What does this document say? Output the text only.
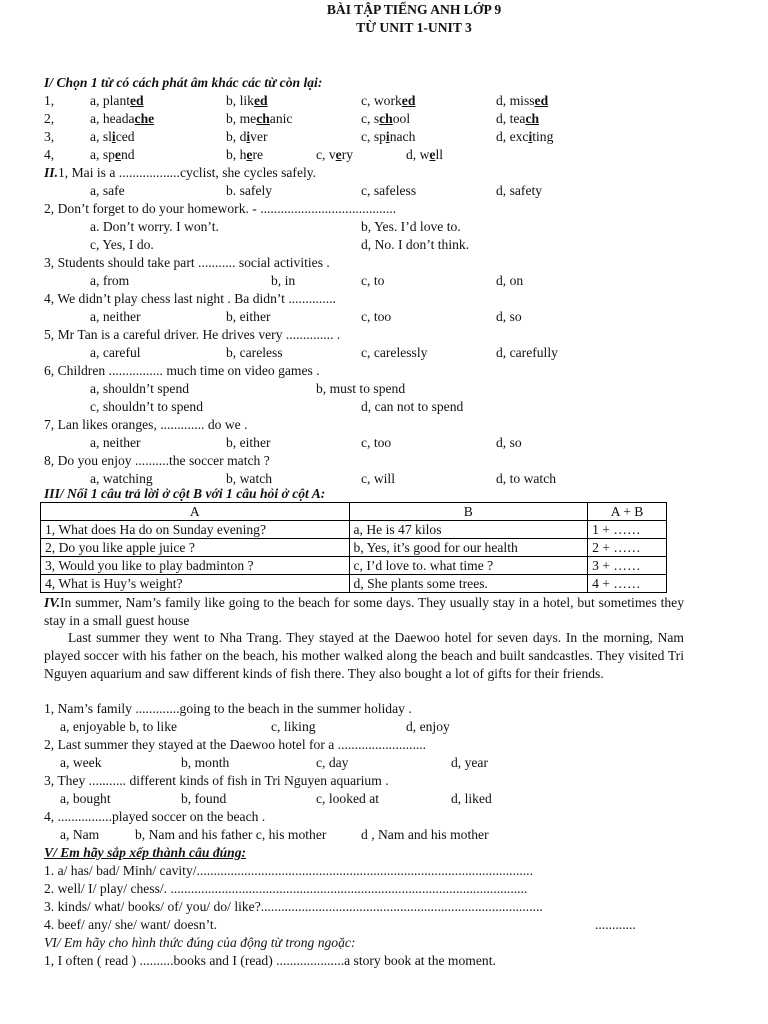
BÀI TẬP TIẾNG ANH LỚP 9
TỪ UNIT 1-UNIT 3
I/ Chọn 1 từ có cách phát âm khác các từ còn lại:
1,	a, planted	b, liked	c, worked	d, missed
2,	a, headache	b, mechanic	c, school	d, teach
3,	a, sliced	b, diver	c, spinach	d, exciting
4,	a, spend	b, here	c, very	d, well
II.1, Mai is a ..................cyclist, she cycles safely.
a, safe	b. safely	c, safeless	d, safety
2, Don’t forget to do your homework. - ........................................
a. Don’t worry. I won’t.	b, Yes. I’d love to.
c, Yes, I do.	d, No. I don’t think.
3, Students should take part ........... social activities .
a, from	b, in	c, to	d, on
4, We didn’t play chess last night . Ba didn’t ..............
a, neither	b, either	c, too	d, so
5, Mr Tan is a careful driver. He drives very .............. .
a, careful	b, careless	c, carelessly	d, carefully
6, Children ................ much time on video games .
a, shouldn’t spend	b, must to spend
c, shouldn’t to spend	d, can not to spend
7, Lan likes oranges, ............. do we .
a, neither	b, either	c, too	d, so
8, Do you enjoy ..........the soccer match ?
a, watching	b, watch	c, will	d, to watch
III/ Nối 1 câu trả lời ở cột B với 1 câu hỏi ở cột A:
A	B	A + B
1, What does Ha do on Sunday evening?	a, He is 47 kilos	1 + ……
2, Do you like apple juice ?	b, Yes, it’s good for our health	2 + ……
3, Would you like to play badminton ?	c, I’d love to. what time ?	3 + ……
4, What is Huy’s weight?	d, She plants some trees.	4 + ……
IV.In summer, Nam’s family like going to the beach for some days. They usually stay in a hotel, but sometimes they stay in a small guest house
Last summer they went to Nha Trang. They stayed at the Daewoo hotel for seven days. In the morning, Nam played soccer with his father on the beach, his mother walked along the beach and built sandcastles. They visited Tri Nguyen aquarium and saw different kinds of fish there. They also bought a lot of gifts for their friends.
1, Nam’s family .............going to the beach in the summer holiday .
a, enjoyable b, to like	c, liking	d, enjoy
2, Last summer they stayed at the Daewoo hotel for a ..........................
a, week	b, month	c, day	d, year
3, They ........... different kinds of fish in Tri Nguyen aquarium .
a, bought	b, found	c, looked at	d, liked
4, ................played soccer on the beach .
a, Nam	b, Nam and his father c, his mother	d , Nam and his mother
V/ Em hãy sắp xếp thành câu đúng:
1. a/ has/ bad/ Minh/ cavity/...................................................................................................
2. well/ I/ play/ chess/. .........................................................................................................
3. kinds/ what/ books/ of/ you/ do/ like?...................................................................................
4. beef/ any/ she/ want/ doesn’t.	............
VI/ Em hãy cho hình thức đúng của động từ trong ngoặc:
1, I often ( read ) ..........books and I (read) ....................a story book at the moment.
